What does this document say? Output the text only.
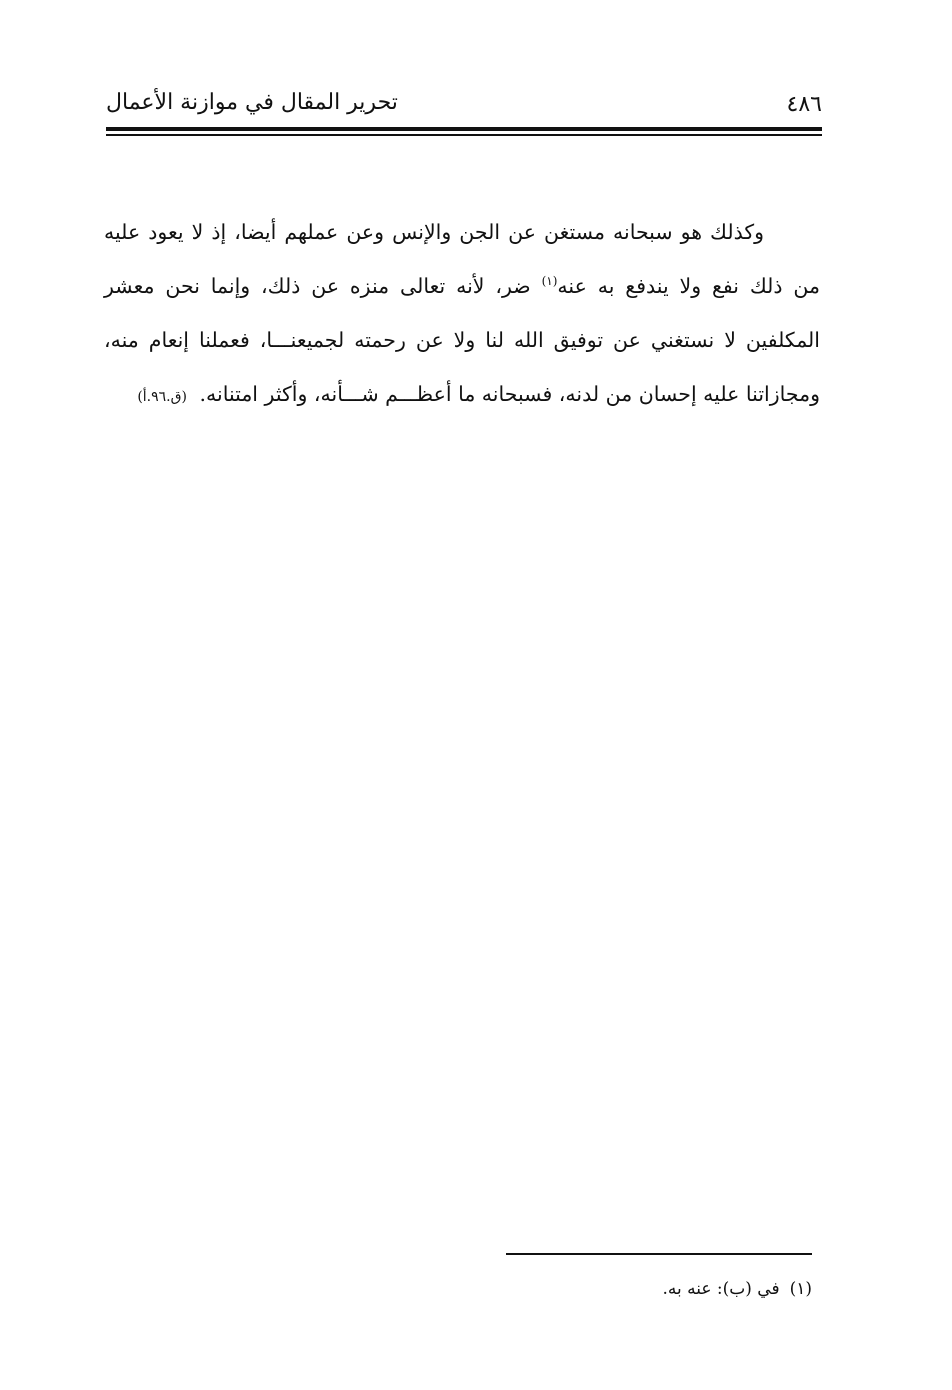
٤٨٦
تحرير المقال في موازنة الأعمال
وكذلك هو سبحانه مستغن عن الجن والإنس وعن عملهم أيضا، إذ لا يعود عليه من ذلك نفع ولا يندفع به عنه$^{(١)}$ ضر، لأنه تعالى منزه عن ذلك، وإنما نحن معشر المكلفين لا نستغني عن توفيق الله لنا ولا عن رحمته لجميعنـــا، فعملنا إنعام منه، ومجازاتنا عليه إحسان من لدنه، فسبحانه ما أعظـــم شـــأنه، وأكثر امتنانه. (ق.٩٦.أ)
(١)في (ب): عنه به.
